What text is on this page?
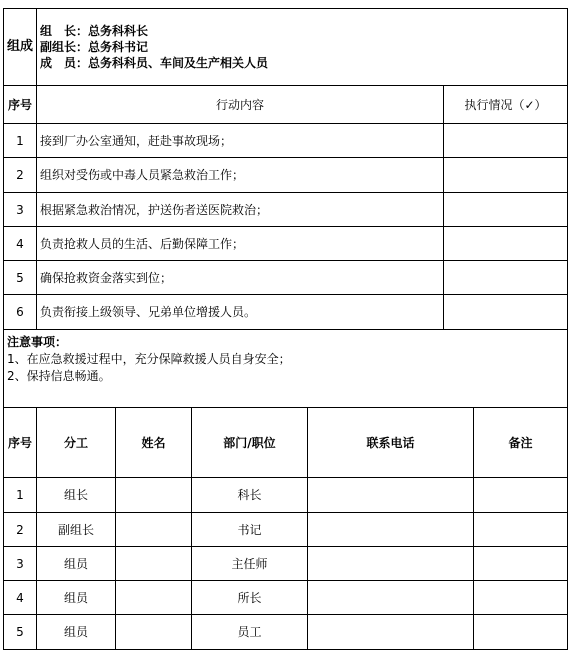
组成	组　长：总务科科长
副组长：总务科书记
成　员：总务科科员、车间及生产相关人员	

序号	行动内容	执行情况（✓）
1	接到厂办公室通知，赶赴事故现场；	
2	组织对受伤或中毒人员紧急救治工作；	
3	根据紧急救治情况，护送伤者送医院救治；	
4	负责抢救人员的生活、后勤保障工作；	
5	确保抢救资金落实到位；	
6	负责衔接上级领导、兄弟单位增援人员。	

注意事项：
1、在应急救援过程中，充分保障救援人员自身安全；
2、保持信息畅通。		
序号	分工	姓名	部门/职位	联系电话	备注
1	组长		科长		
2	副组长		书记		
3	组员		主任师		
4	组员		所长		
5	组员		员工		
